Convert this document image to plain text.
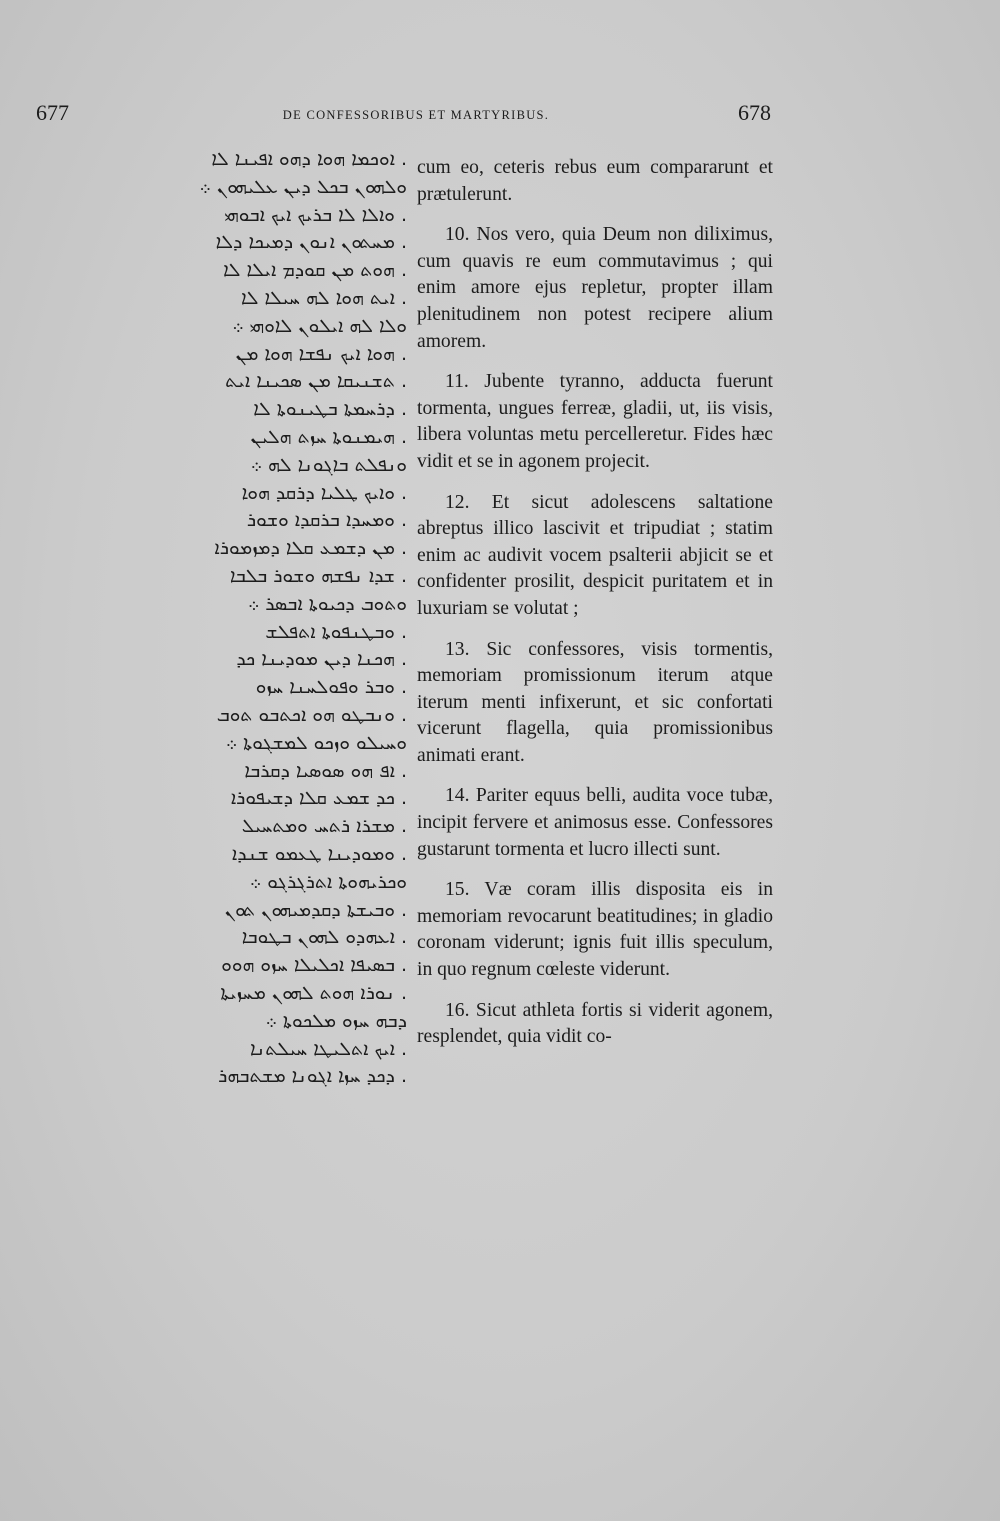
677	DE CONFESSORIBUS ET MARTYRIBUS.	678
. ܐܘܟܡܐ ܗܘܐ ܕܗܘ ܐܦܝܢܐ ܠܐ
ܘܠܗܘܢ ܒܟܠ ܕܝܢ ܥܠܝܗܘܢ ܀
. ܘܐܠܐ ܠܐ ܒܪܝܟ ܐܝܟ ܐܒܘܗܝ
. ܡܚܬܘܢ ܐܢܘܢ ܕܡܝܟܐ ܕܠܐ
. ܗܘܬ ܡܢ ܩܘܕܡ ܐܝܠܐ ܠܐ
. ܐܝܬ ܗܘܐ ܠܗ ܚܝܠܐ ܠܐ
ܘܠܐ ܠܗ ܐܝܠܘܢ ܠܐܘܗܝ ܀
. ܗܘܐ ܐܝܟ ܢܦܫܐ ܗܘܐ ܡܢ
. ܬܫܢܝܩܐ ܡܢ ܣܟܝܢܐ ܐܝܬ
. ܕܪܚܡܬܐ ܒܛܝܢܘܬܐ ܠܐ
. ܗܝܡܢܘܬܐ ܚܙܬ ܗܠܝܢ
ܘܢܦܠܬ ܒܐܓܘܢܐ ܠܗ ܀
. ܘܐܝܟ ܛܠܝܐ ܕܪܩܕ ܗܘܐ
. ܘܡܚܕܐ ܒܪܩܕܐ ܘܫܘܪ
. ܡܢ ܕܫܡܥ ܩܠܐ ܕܡܙܡܘܪܐ
. ܫܕܐ ܢܦܫܗ ܘܫܘܪ ܒܠܒܐ
ܘܬܘܒ ܕܟܝܘܬܐ ܐܒܣܪ ܀
. ܘܒܛܢܦܘܬܐ ܐܬܦܠܫ
. ܗܟܢܐ ܕܝܢ ܡܘܕܝܢܐ ܟܕ
. ܘܒܪ ܘܦܘܠܚܢܐ ܚܙܘ
. ܘܢܒܛܘ ܗܘ ܐܟܬܒܘ ܬܘܒ
ܘܚܝܠܘ ܘܙܟܘ ܠܡܫܓܘܬܐ ܀
. ܐܦ ܗܘ ܣܘܣܝܐ ܕܩܪܒܐ
. ܟܕ ܫܡܥ ܩܠܐ ܕܫܝܦܘܪܐ
. ܡܫܪܐ ܪܬܚ ܘܡܬܚܝܠ
. ܘܡܘܕܝܢܐ ܛܥܡܘ ܫܢܕܐ
ܘܟܪܝܗܘܬܐ ܐܬܪܓܪܓܘ ܀
. ܘܒܝܫܬܐ ܕܩܕܡܝܗܘܢ ܬܘܢ
. ܐܥܗܕܘ ܠܗܘܢ ܒܛܘܒܐ
. ܒܣܝܦܐ ܐܟܠܝܠܐ ܚܙܘ ܗܘܘ
. ܢܘܪܐ ܗܘܬ ܠܗܘܢ ܡܚܙܝܬܐ
ܕܒܗ ܚܙܘ ܡܠܟܘܬܐ ܀
. ܐܝܟ ܐܬܠܝܛܐ ܚܝܠܬܢܐ
. ܕܟܕ ܚܙܐ ܐܓܘܢܐ ܡܫܬܒܗܪ

cum eo, ceteris rebus eum compararunt et prætulerunt.

10. Nos vero, quia Deum non diliximus, cum quavis re eum commutavimus ; qui enim amore ejus repletur, propter illam plenitudinem non potest recipere alium amorem.

11. Jubente tyranno, adducta fuerunt tormenta, ungues ferreæ, gladii, ut, iis visis, libera voluntas metu percelleretur. Fides hæc vidit et se in agonem projecit.

12. Et sicut adolescens saltatione abreptus illico lascivit et tripudiat ; statim enim ac audivit vocem psalterii abjicit se et confidenter prosilit, despicit puritatem et in luxuriam se volutat ;

13. Sic confessores, visis tormentis, memoriam promissionum iterum atque iterum menti infixerunt, et sic confortati vicerunt flagella, quia promissionibus animati erant.

14. Pariter equus belli, audita voce tubæ, incipit fervere et animosus esse. Confessores gustarunt tormenta et lucro illecti sunt.

15. Væ coram illis disposita eis in memoriam revocarunt beatitudines; in gladio coronam viderunt; ignis fuit illis speculum, in quo regnum cœleste viderunt.

16. Sicut athleta fortis si viderit agonem, resplendet, quia vidit co-
